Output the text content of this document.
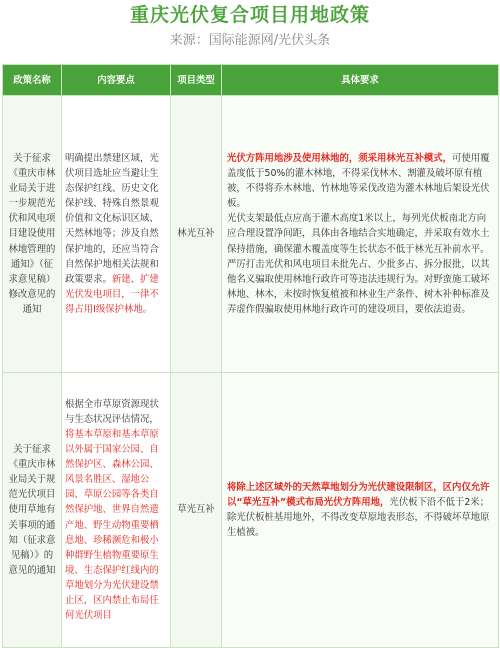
重庆光伏复合项目用地政策
来源：国际能源网/光伏头条
政策名称	内容要点	项目类型	具体要求
关于征求《重庆市林业局关于进一步规范光伏和风电项目建设使用林地管理的通知》（征求意见稿）修改意见的通知	明确提出禁建区域，光伏项目选址应当避让生态保护红线、历史文化保护线、特殊自然景观价值和文化标识区域、天然林地等；涉及自然保护地的，还应当符合自然保护地相关法规和政策要求。新建、扩建光伏发电项目，一律不得占用Ⅰ级保护林地。	林光互补	光伏方阵用地涉及使用林地的，须采用林光互补模式，可使用覆盖度低于50%的灌木林地，不得采伐林木、割灌及破坏原有植被，不得将乔木林地、竹林地等采伐改造为灌木林地后架设光伏板。

光伏支架最低点应高于灌木高度1米以上，每列光伏板南北方向应合理设置净间距，具体由各地结合实地确定，并采取有效水土保持措施，确保灌木覆盖度等生长状态不低于林光互补前水平。

严厉打击光伏和风电项目未批先占、少批多占、拆分报批，以其他名义骗取使用林地行政许可等违法违规行为。对野蛮施工破坏林地、林木，未按时恢复植被和林业生产条件、树木补种标准及弄虚作假骗取使用林地行政许可的建设项目，要依法追责。

关于征求《重庆市林业局关于规范光伏项目使用草地有关事项的通知（征求意见稿）》的意见的通知	根据全市草原资源现状与生态状况评估情况，将基本草原和基本草原以外属于国家公园、自然保护区、森林公园、风景名胜区、湿地公园、草原公园等各类自然保护地、世界自然遗产地、野生动物重要栖息地、珍稀濒危和极小种群野生植物重要原生境、生态保护红线内的草地划分为光伏建设禁止区，区内禁止布局任何光伏项目	草光互补	将除上述区域外的天然草地划分为光伏建设限制区，区内仅允许以“草光互补”模式布局光伏方阵用地，光伏板下沿不低于2米；除光伏板桩基用地外，不得改变草原地表形态，不得破坏草地原生植被。
